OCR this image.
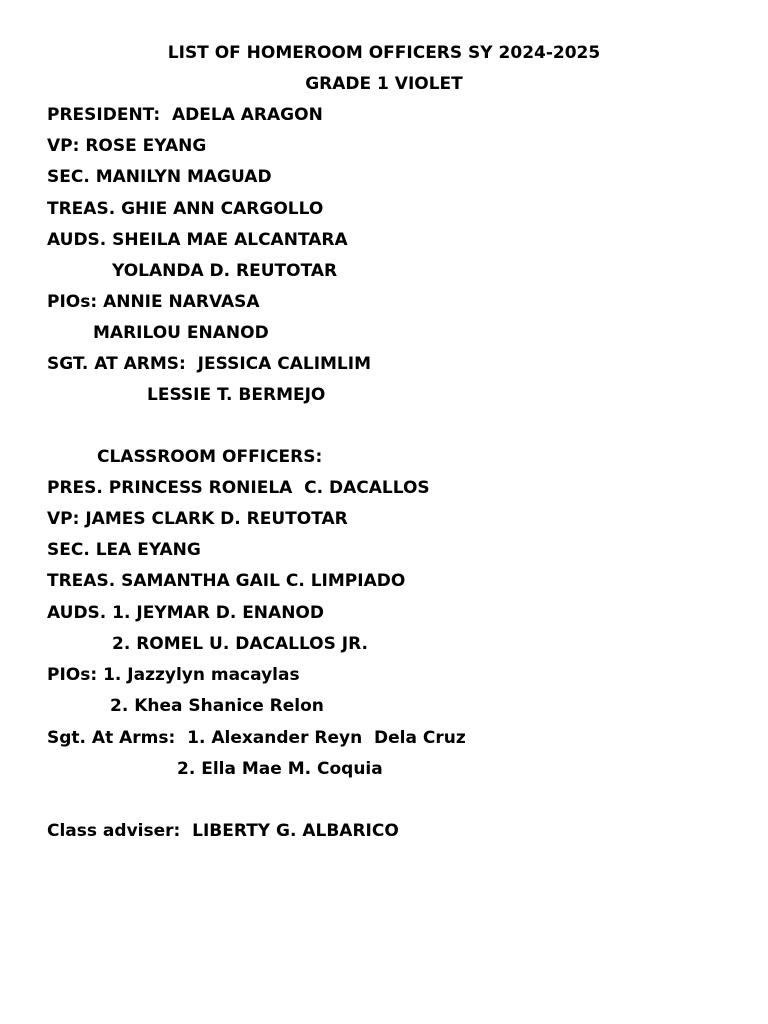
LIST OF HOMEROOM OFFICERS SY 2024-2025
GRADE 1 VIOLET
PRESIDENT:  ADELA ARAGON
VP: ROSE EYANG
SEC. MANILYN MAGUAD
TREAS. GHIE ANN CARGOLLO
AUDS. SHEILA MAE ALCANTARA
YOLANDA D. REUTOTAR
PIOs: ANNIE NARVASA
MARILOU ENANOD
SGT. AT ARMS:  JESSICA CALIMLIM
LESSIE T. BERMEJO
CLASSROOM OFFICERS:
PRES. PRINCESS RONIELA  C. DACALLOS
VP: JAMES CLARK D. REUTOTAR
SEC. LEA EYANG
TREAS. SAMANTHA GAIL C. LIMPIADO
AUDS. 1. JEYMAR D. ENANOD
2. ROMEL U. DACALLOS JR.
PIOs: 1. Jazzylyn macaylas
2. Khea Shanice Relon
Sgt. At Arms:  1. Alexander Reyn  Dela Cruz
2. Ella Mae M. Coquia
Class adviser:  LIBERTY G. ALBARICO
